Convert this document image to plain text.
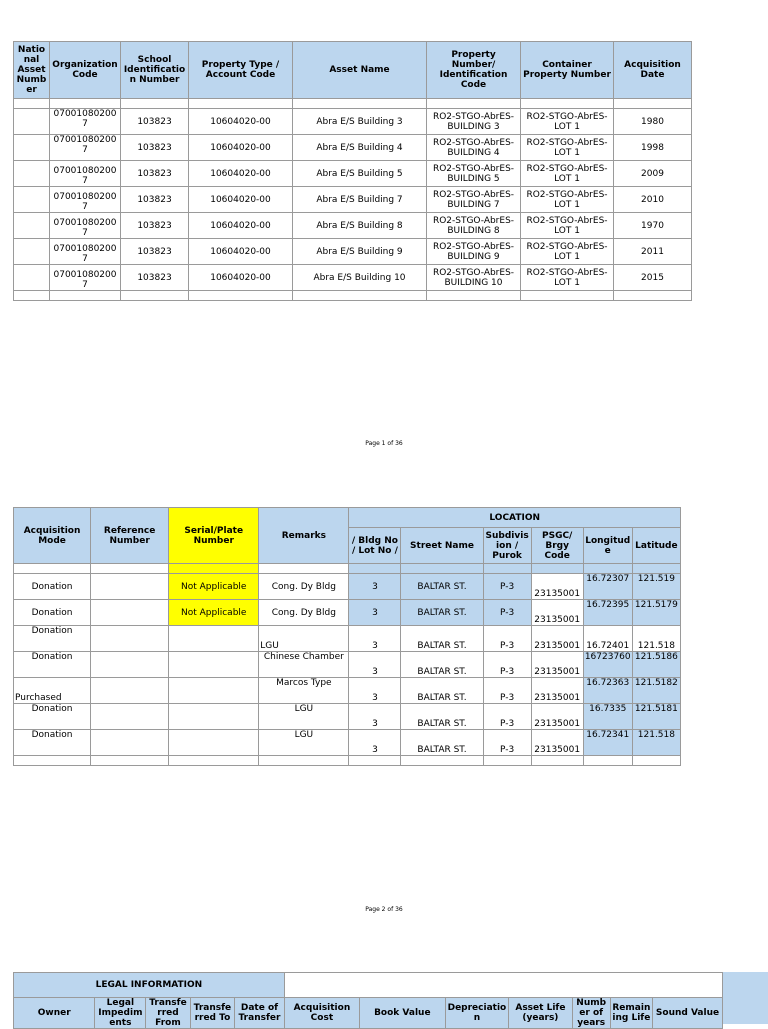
National Asset Number	Organization Code	School Identification Number	Property Type / Account Code	Asset Name	Property Number/ Identification Code	Container Property Number	Acquisition Date

	070010802007	103823	10604020-00	Abra E/S Building 3	RO2-STGO-AbrES-BUILDING 3	RO2-STGO-AbrES-LOT 1	1980
	070010802007	103823	10604020-00	Abra E/S Building 4	RO2-STGO-AbrES-BUILDING 4	RO2-STGO-AbrES-LOT 1	1998
	070010802007	103823	10604020-00	Abra E/S Building 5	RO2-STGO-AbrES-BUILDING 5	RO2-STGO-AbrES-LOT 1	2009
	070010802007	103823	10604020-00	Abra E/S Building 7	RO2-STGO-AbrES-BUILDING 7	RO2-STGO-AbrES-LOT 1	2010
	070010802007	103823	10604020-00	Abra E/S Building 8	RO2-STGO-AbrES-BUILDING 8	RO2-STGO-AbrES-LOT 1	1970
	070010802007	103823	10604020-00	Abra E/S Building 9	RO2-STGO-AbrES-BUILDING 9	RO2-STGO-AbrES-LOT 1	2011
	070010802007	103823	10604020-00	Abra E/S Building 10	RO2-STGO-AbrES-BUILDING 10	RO2-STGO-AbrES-LOT 1	2015

Page 1 of 36
Acquisition Mode	Reference Number	Serial/Plate Number	Remarks	LOCATION					
				/ Bldg No / Lot No /	Street Name	Subdivision / Purok	PSGC/ Brgy Code	Longitude	Latitude

Donation		Not Applicable	Cong. Dy Bldg	3	BALTAR ST.	P-3	23135001	16.72307	121.519
Donation		Not Applicable	Cong. Dy Bldg	3	BALTAR ST.	P-3	23135001	16.72395	121.5179
Donation			LGU	3	BALTAR ST.	P-3	23135001	16.72401	121.518
Donation			Chinese Chamber	3	BALTAR ST.	P-3	23135001	16723760	121.5186
Purchased			Marcos Type	3	BALTAR ST.	P-3	23135001	16.72363	121.5182
Donation			LGU	3	BALTAR ST.	P-3	23135001	16.7335	121.5181
Donation			LGU	3	BALTAR ST.	P-3	23135001	16.72341	121.518

Page 2 of 36
LEGAL INFORMATION											
Owner	Legal Impediments	Transferred From	Transferred To	Date of Transfer	Acquisition Cost	Book Value	Depreciation	Asset Life (years)	Number of years	Remaining Life	Sound Value
